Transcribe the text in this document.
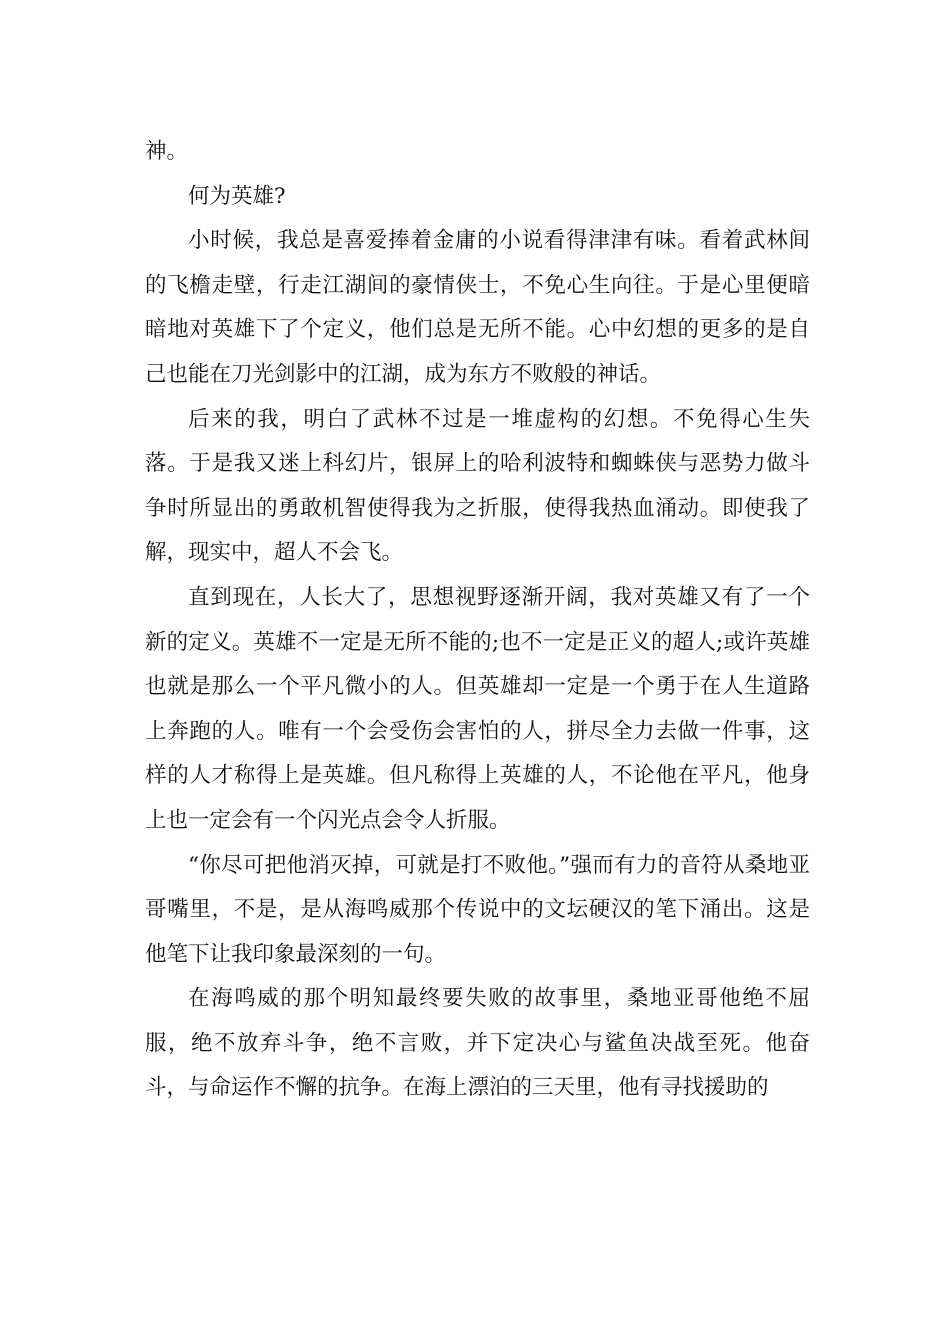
神。

何为英雄?

小时候，我总是喜爱捧着金庸的小说看得津津有味。看着武林间的飞檐走壁，行走江湖间的豪情侠士，不免心生向往。于是心里便暗暗地对英雄下了个定义，他们总是无所不能。心中幻想的更多的是自己也能在刀光剑影中的江湖，成为东方不败般的神话。

后来的我，明白了武林不过是一堆虚构的幻想。不免得心生失落。于是我又迷上科幻片，银屏上的哈利波特和蜘蛛侠与恶势力做斗争时所显出的勇敢机智使得我为之折服，使得我热血涌动。即使我了解，现实中，超人不会飞。

直到现在，人长大了，思想视野逐渐开阔，我对英雄又有了一个新的定义。英雄不一定是无所不能的;也不一定是正义的超人;或许英雄也就是那么一个平凡微小的人。但英雄却一定是一个勇于在人生道路上奔跑的人。唯有一个会受伤会害怕的人，拼尽全力去做一件事，这样的人才称得上是英雄。但凡称得上英雄的人，不论他在平凡，他身上也一定会有一个闪光点会令人折服。

“你尽可把他消灭掉，可就是打不败他。”强而有力的音符从桑地亚哥嘴里，不是，是从海鸣威那个传说中的文坛硬汉的笔下涌出。这是他笔下让我印象最深刻的一句。

在海鸣威的那个明知最终要失败的故事里，桑地亚哥他绝不屈服，绝不放弃斗争，绝不言败，并下定决心与鲨鱼决战至死。他奋斗，与命运作不懈的抗争。在海上漂泊的三天里，他有寻找援助的
